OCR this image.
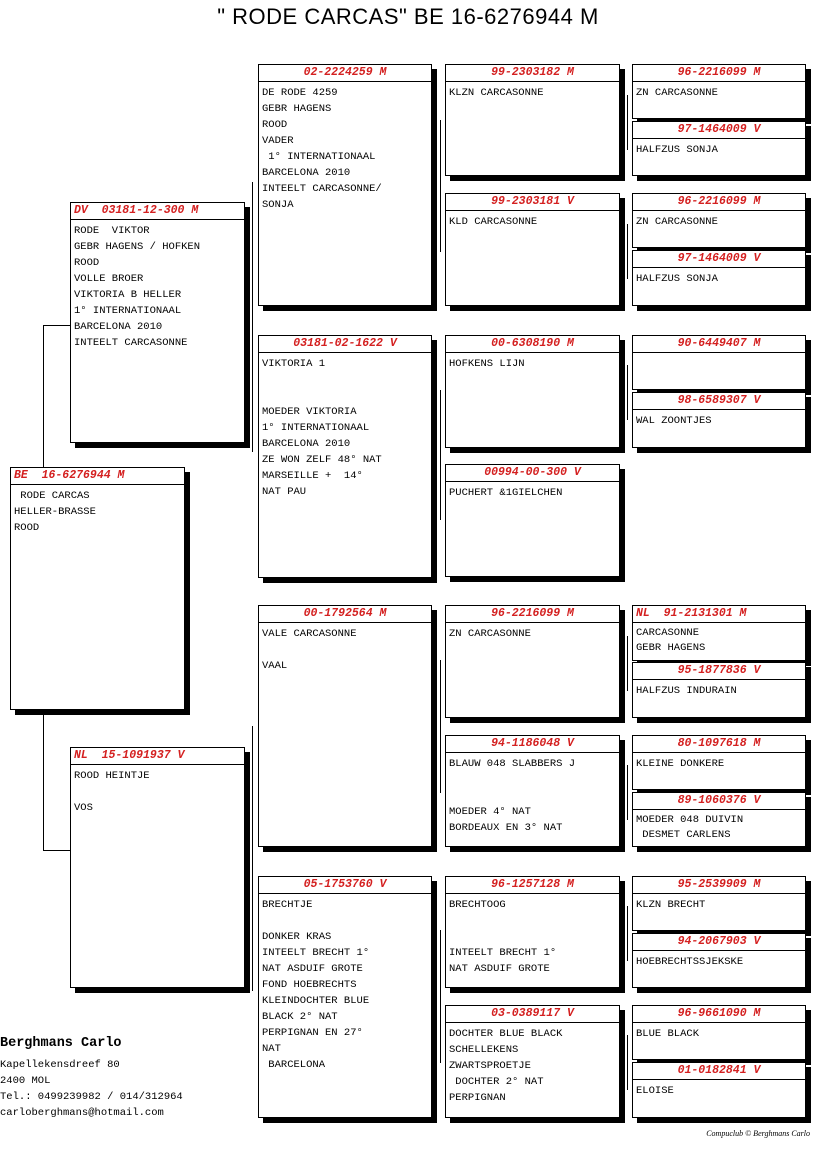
" RODE CARCAS" BE 16-6276944 M
BE  16-6276944 M
RODE CARCAS
HELLER-BRASSE
ROOD
DV  03181-12-300 M
RODE  VIKTOR
GEBR HAGENS / HOFKEN
ROOD
VOLLE BROER
VIKTORIA B HELLER
1° INTERNATIONAAL
BARCELONA 2010
INTEELT CARCASONNE
NL  15-1091937 V
ROOD HEINTJE

VOS
02-2224259 M
DE RODE 4259
GEBR HAGENS
ROOD
VADER
1° INTERNATIONAAL
BARCELONA 2010
INTEELT CARCASONNE/
SONJA
03181-02-1622 V
VIKTORIA 1

MOEDER VIKTORIA
1° INTERNATIONAAL
BARCELONA 2010
ZE WON ZELF 48° NAT
MARSEILLE +  14°
NAT PAU
00-1792564 M
VALE CARCASONNE

VAAL
05-1753760 V
BRECHTJE

DONKER KRAS
INTEELT BRECHT 1°
NAT ASDUIF GROTE
FOND HOEBRECHTS
KLEINDOCHTER BLUE
BLACK 2° NAT
PERPIGNAN EN 27°
NAT
BARCELONA
99-2303182 M
KLZN CARCASONNE
99-2303181 V
KLD CARCASONNE
00-6308190 M
HOFKENS LIJN
00994-00-300 V
PUCHERT &1GIELCHEN
96-2216099 M
ZN CARCASONNE
94-1186048 V
BLAUW 048 SLABBERS J

MOEDER 4° NAT
BORDEAUX EN 3° NAT
96-1257128 M
BRECHTOOG

INTEELT BRECHT 1°
NAT ASDUIF GROTE
03-0389117 V
DOCHTER BLUE BLACK
SCHELLEKENS
ZWARTSPROETJE
DOCHTER 2° NAT
PERPIGNAN
96-2216099 M
ZN CARCASONNE
97-1464009 V
HALFZUS SONJA
96-2216099 M
ZN CARCASONNE
97-1464009 V
HALFZUS SONJA
90-6449407 M
98-6589307 V
WAL ZOONTJES
NL  91-2131301 M
CARCASONNE
GEBR HAGENS
95-1877836 V
HALFZUS INDURAIN
80-1097618 M
KLEINE DONKERE
89-1060376 V
MOEDER 048 DUIVIN
DESMET CARLENS
95-2539909 M
KLZN BRECHT
94-2067903 V
HOEBRECHTSSJEKSKE
96-9661090 M
BLUE BLACK
01-0182841 V
ELOISE
Berghmans Carlo
Kapellekensdreef 80
2400 MOL
Tel.: 0499239982 / 014/312964
carloberghmans@hotmail.com
Compuclub © Berghmans Carlo
